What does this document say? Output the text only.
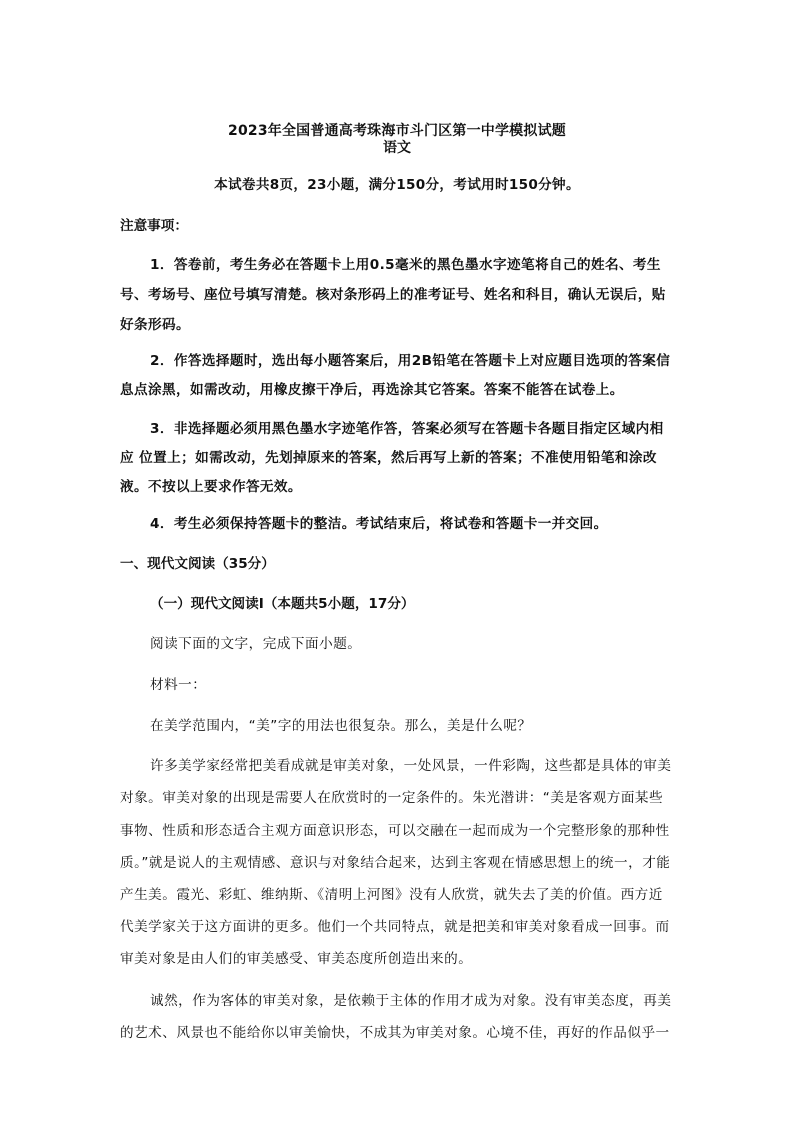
2023年全国普通高考珠海市斗门区第一中学模拟试题
语文
本试卷共8页，23小题，满分150分，考试用时150分钟。
注意事项：
1．答卷前，考生务必在答题卡上用0.5毫米的黑色墨水字迹笔将自己的姓名、考生
号、考场号、座位号填写清楚。核对条形码上的准考证号、姓名和科目，确认无误后，贴
好条形码。
2．作答选择题时，选出每小题答案后，用2B铅笔在答题卡上对应题目选项的答案信
息点涂黑，如需改动，用橡皮擦干净后，再选涂其它答案。答案不能答在试卷上。
3．非选择题必须用黑色墨水字迹笔作答，答案必须写在答题卡各题目指定区域内相
应 位置上；如需改动，先划掉原来的答案，然后再写上新的答案；不准使用铅笔和涂改
液。不按以上要求作答无效。
4．考生必须保持答题卡的整洁。考试结束后，将试卷和答题卡一并交回。
一、现代文阅读（35分）
（一）现代文阅读Ⅰ（本题共5小题，17分）
阅读下面的文字，完成下面小题。
材料一：
在美学范围内，“美”字的用法也很复杂。那么，美是什么呢？
许多美学家经常把美看成就是审美对象，一处风景，一件彩陶，这些都是具体的审美
对象。审美对象的出现是需要人在欣赏时的一定条件的。朱光潜讲：“美是客观方面某些
事物、性质和形态适合主观方面意识形态，可以交融在一起而成为一个完整形象的那种性
质。”就是说人的主观情感、意识与对象结合起来，达到主客观在情感思想上的统一，才能
产生美。霞光、彩虹、维纳斯、《清明上河图》没有人欣赏，就失去了美的价值。西方近
代美学家关于这方面讲的更多。他们一个共同特点，就是把美和审美对象看成一回事。而
审美对象是由人们的审美感受、审美态度所创造出来的。
诚然，作为客体的审美对象，是依赖于主体的作用才成为对象。没有审美态度，再美
的艺术、风景也不能给你以审美愉快，不成其为审美对象。心境不佳，再好的作品似乎一
